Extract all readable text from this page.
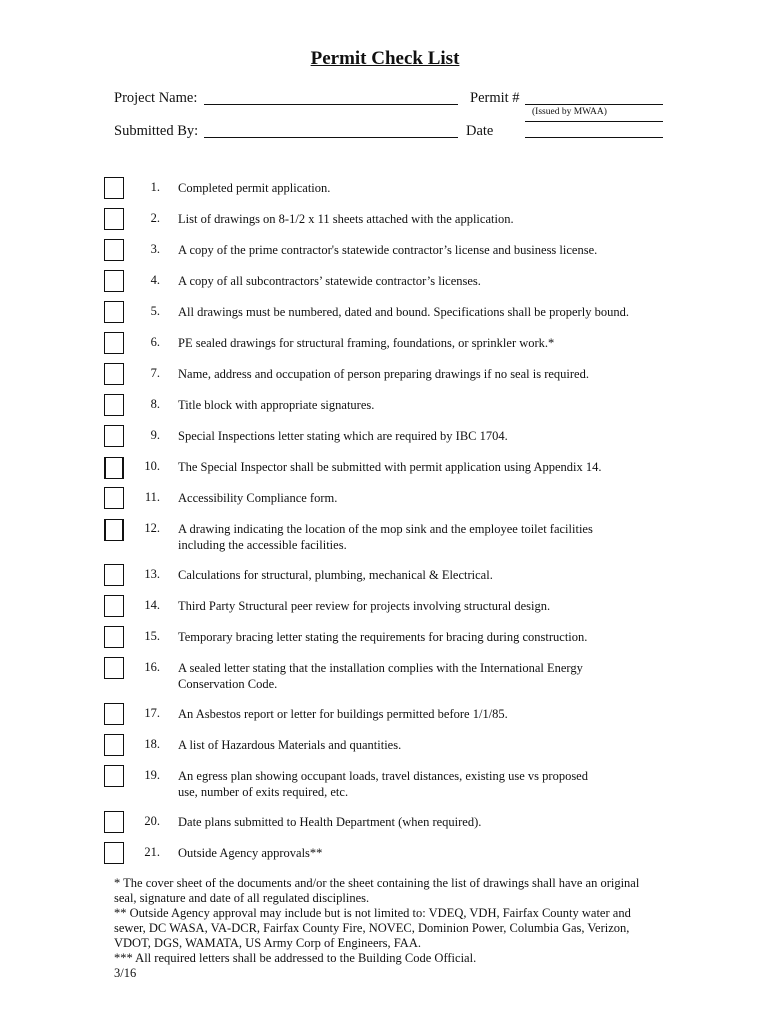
Permit Check List
Project Name:	Permit #
(Issued by MWAA)
Submitted By:	Date
1. Completed permit application.
2. List of drawings on 8-1/2 x 11 sheets attached with the application.
3. A copy of the prime contractor's statewide contractor’s license and business license.
4. A copy of all subcontractors’ statewide contractor’s licenses.
5. All drawings must be numbered, dated and bound. Specifications shall be properly bound.
6. PE sealed drawings for structural framing, foundations, or sprinkler work.*
7. Name, address and occupation of person preparing drawings if no seal is required.
8. Title block with appropriate signatures.
9. Special Inspections letter stating which are required by IBC 1704.
10. The Special Inspector shall be submitted with permit application using Appendix 14.
11. Accessibility Compliance form.
12. A drawing indicating the location of the mop sink and the employee toilet facilities
including the accessible facilities.
13. Calculations for structural, plumbing, mechanical & Electrical.
14. Third Party Structural peer review for projects involving structural design.
15. Temporary bracing letter stating the requirements for bracing during construction.
16. A sealed letter stating that the installation complies with the International Energy
Conservation Code.
17. An Asbestos report or letter for buildings permitted before 1/1/85.
18. A list of Hazardous Materials and quantities.
19. An egress plan showing occupant loads, travel distances, existing use vs proposed
use, number of exits required, etc.
20. Date plans submitted to Health Department (when required).
21. Outside Agency approvals**
* The cover sheet of the documents and/or the sheet containing the list of drawings shall have an original
seal, signature and date of all regulated disciplines.
** Outside Agency approval may include but is not limited to: VDEQ, VDH, Fairfax County water and
sewer, DC WASA, VA-DCR, Fairfax County Fire, NOVEC, Dominion Power, Columbia Gas, Verizon,
VDOT, DGS, WAMATA, US Army Corp of Engineers, FAA.
*** All required letters shall be addressed to the Building Code Official.
3/16
